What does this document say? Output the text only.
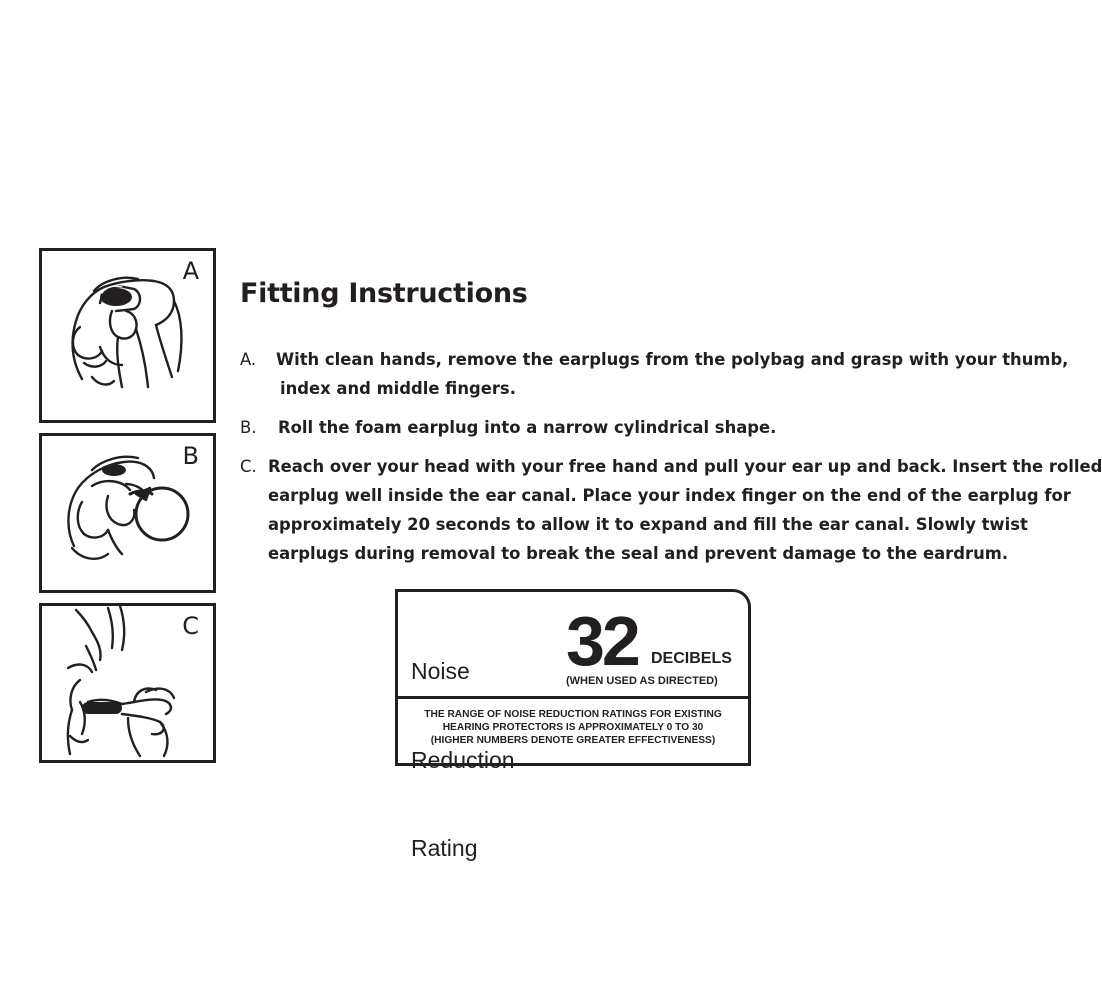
A
B
C
Fitting Instructions
A. With clean hands, remove the earplugs from the polybag and grasp with your thumb,
index and middle fingers.
B. Roll the foam earplug into a narrow cylindrical shape.
C. Reach over your head with your free hand and pull your ear up and back. Insert the rolled
earplug well inside the ear canal. Place your index finger on the end of the earplug for
approximately 20 seconds to allow it to expand and fill the ear canal. Slowly twist
earplugs during removal to break the seal and prevent damage to the eardrum.

Noise

Reduction

Rating

32 DECIBELS
(WHEN USED AS DIRECTED)
THE RANGE OF NOISE REDUCTION RATINGS FOR EXISTING
HEARING PROTECTORS IS APPROXIMATELY 0 TO 30
(HIGHER NUMBERS DENOTE GREATER EFFECTIVENESS)
